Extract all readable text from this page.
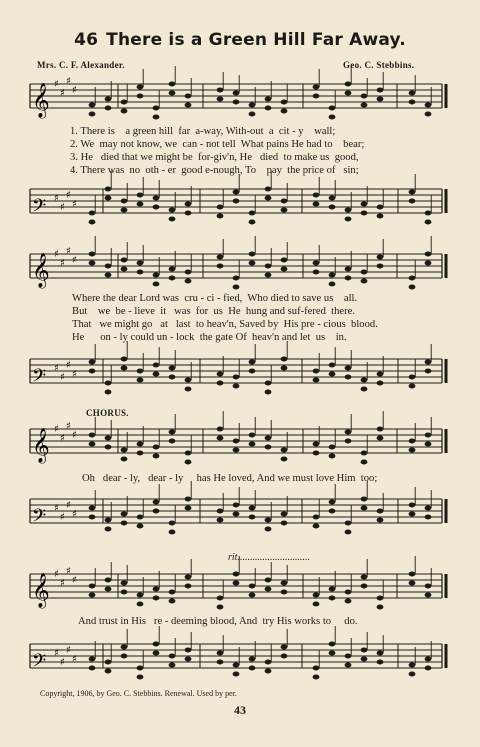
46 There is a Green Hill Far Away.
Mrs. C. F. Alexander.	Geo. C. Stebbins.
𝄞 ♯
♯
♯
♯
1. There is    a green hill  far  a-way, With-out  a  cit - y    wall;
2. We  may not know, we  can - not tell  What pains He had to    bear;
3. He   died that we might be  for-giv'n, He   died  to make us  good,
4. There was  no  oth - er  good e-nough, To    pay  the price of   sin;
𝄢 ♯
♯
♯
♯
𝄞 ♯
♯
♯
♯
Where the dear Lord was  cru - ci - fied,  Who died to save us    all.
But    we  be - lieve  it   was  for  us  He  hung and suf-fered  there.
That   we might go   at   last  to heav'n, Saved by  His pre - cious  blood.
He      on - ly could un - lock  the gate Of  heav'n and let  us    in.
𝄢 ♯
♯
♯
♯
CHORUS.
𝄞 ♯
♯
♯
♯
Oh   dear - ly,   dear - ly     has He loved, And we must love Him  too;
𝄢 ♯
♯
♯
♯
rit.............................
𝄞 ♯
♯
♯
♯
And trust in His   re - deeming blood, And  try His works to     do.
𝄢 ♯
♯
♯
♯
Copyright, 1906, by Geo. C. Stebbins. Renewal. Used by per.
43
